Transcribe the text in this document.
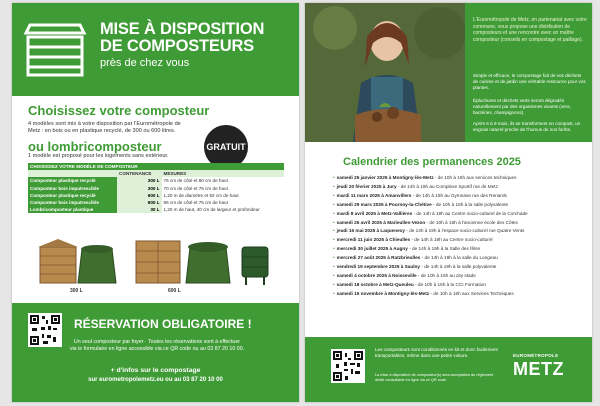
MISE À DISPOSITION
DE COMPOSTEURS
près de chez vous
Choisissez votre composteur
4 modèles sont mis à votre disposition par l'Eurométropole de
Metz : en bois ou en plastique recyclé, de 300 ou 600 litres.
GRATUIT
ou lombricomposteur
1 modèle est proposé pour les logements sans extérieur.
CHOISISSEZ VOTRE MODÈLE DE COMPOSTEUR		
	CONTENANCE	MESURES
Composteur plastique recyclé	300 L	76 cm de côté et 80 cm de haut
Composteur bois imputrescible	300 L	70 cm de côté et 75 cm de haut
Composteur plastique recyclé	600 L	1,20 m de diamètre et 82 cm de haut
Composteur bois imputrescible	600 L	96 cm de côté et 75 cm de haut
Lombricomposteur plastique	30 L	1,20 m de haut, 40 cm de largeur et profondeur
300 L	600 L
RÉSERVATION OBLIGATOIRE !
Un seul composteur par foyer · Toutes les réservations sont à effectuer
via le formulaire en ligne accessible via ce QR code ou au 03 87 20 10 00.
+ d'infos sur le compostage
sur eurometropolemetz.eu ou au 03 87 20 10 00
L'Eurométropole de Metz, en partenariat avec votre commune, vous propose une distribution de composteurs et une rencontre avec un maître composteur (conseils en compostage et paillage).
Simple et efficace, le compostage fait de vos déchets de cuisine et de jardin une véritable ressource pour vos plantes.
Épluchures et déchets verts seront dégradés naturellement par des organismes vivants (vers, bactéries, champignons).
Après 6 à 9 mois, ils se transforment en compost, un engrais naturel proche de l'humus de nos forêts.
Calendrier des permanences 2025
• samedi 25 janvier 2025 à Montigny-lès-Metz - de 10h à 16h aux services techniques
• jeudi 20 février 2025 à Jury - de 14h à 19h au Complexe Sportif rue de Metz
• mardi 11 mars 2025 à Amanvillers - de 14h à 19h au Gymnase rue des Renards
• samedi 29 mars 2025 à Pournoy-la-Chétive - de 10h à 16h à la salle polyvalente
• mardi 8 avril 2025 à Metz-Vallières - de 14h à 19h au Centre socio-culturel de la Corchade
• samedi 26 avril 2025 à Marieulles-Vezon - de 10h à 16h à l'ancienne école des Côtes
• jeudi 15 mai 2025 à Laquenexy - de 14h à 19h à l'espace socio-culturel rue Quatre Vents
• mercredi 11 juin 2025 à Chieulles - de 14h à 19h au Centre socio-culturel
• mercredi 30 juillet 2025 à Augny - de 14h à 19h à la Salle des fêtes
• mercredi 27 août 2025 à Ratzbrieulles - de 14h à 19h à la salle du Longeau
• vendredi 19 septembre 2025 à Saulny - de 14h à 19h à la salle polyvalente
• samedi 4 octobre 2025 à Noisseville - de 10h à 16h au city stade
• samedi 18 octobre à Metz-Queuleu - de 10h à 16h à la CCI Formation
• samedi 15 novembre à Montigny-lès-Metz - de 10h à 16h aux Services Techniques
Les composteurs sont conditionnés en kit et donc facilement transportables, même dans une petite voiture.
La mise à disposition de composteur(s) sera acceptation du règlement dédié consultable en ligne via ce QR code.
EUROMÉTROPOLE
METZ
